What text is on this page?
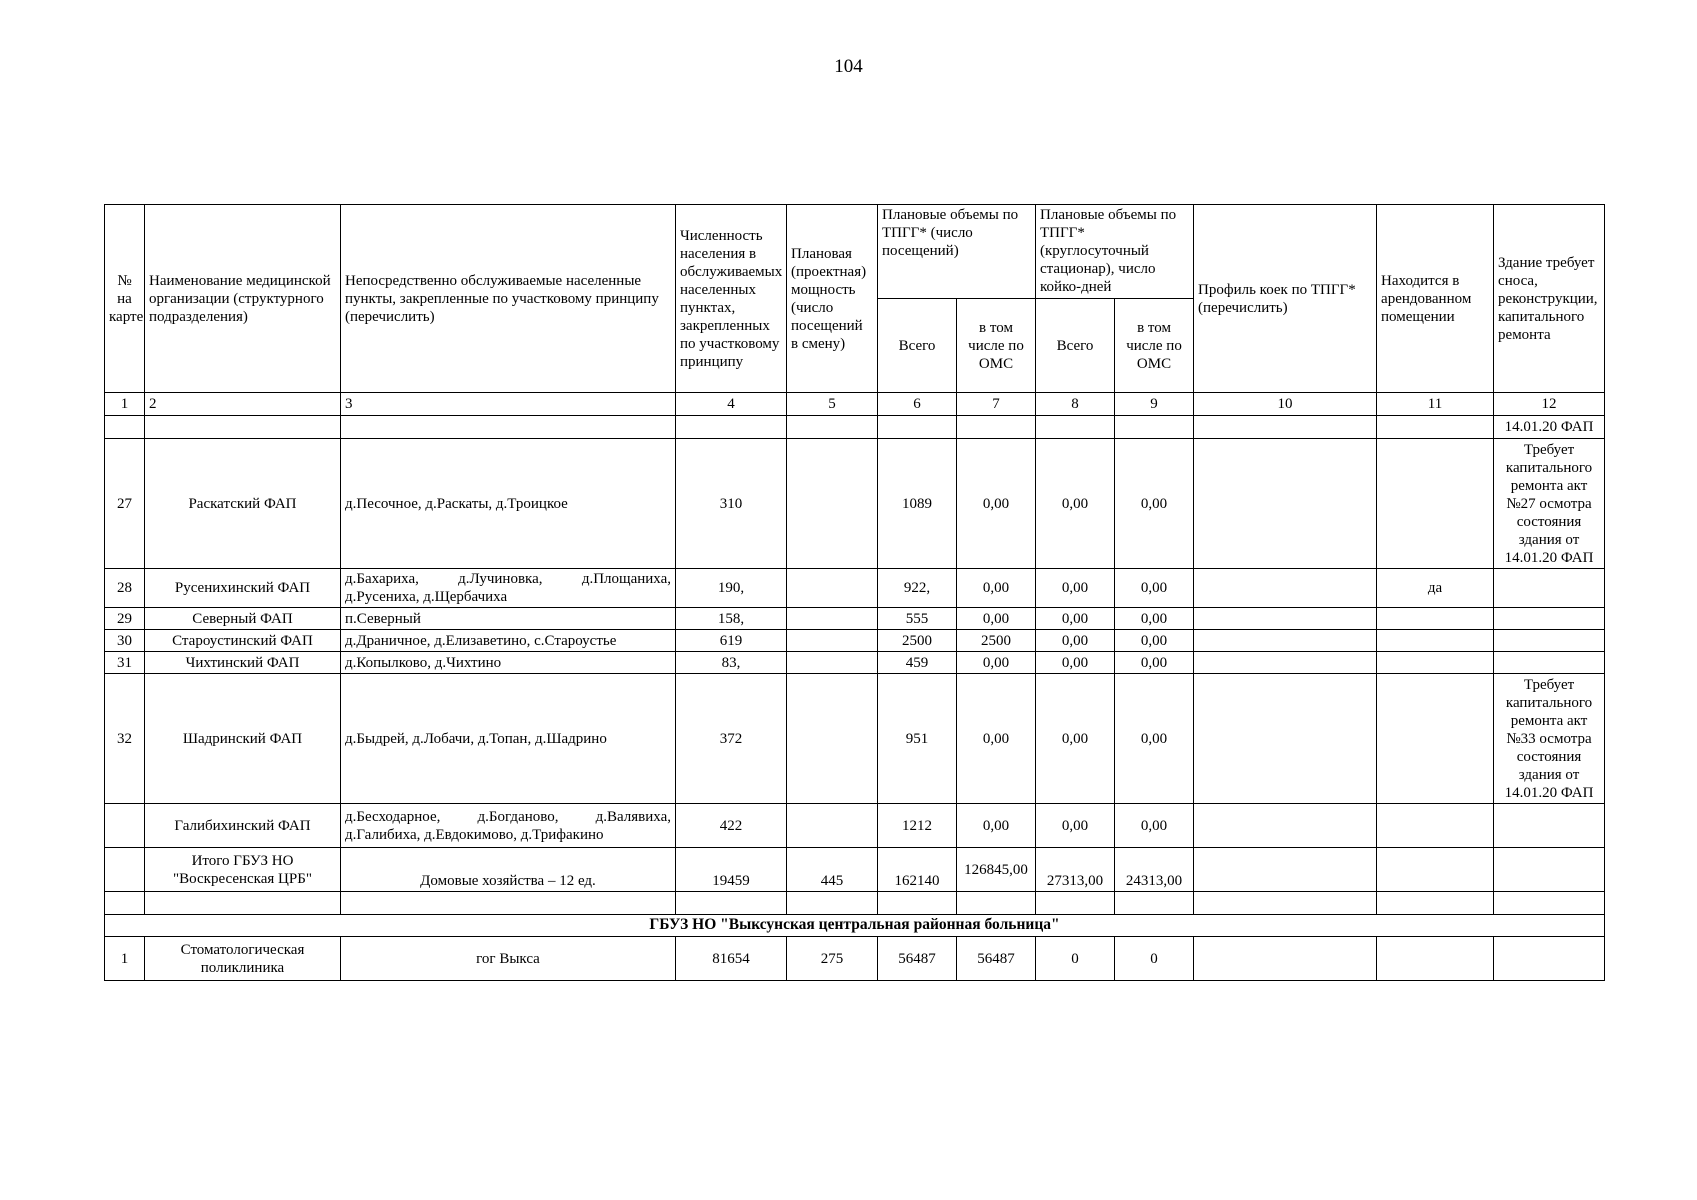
104
№ на карте	Наименование медицинской организации (структурного подразделения)	Непосредственно обслуживаемые населенные пункты, закрепленные по участковому принципу (перечислить)	Численность населения в обслуживаемых населенных пунктах, закрепленных по участковому принципу	Плановая (проектная) мощность (число посещений в смену)	Плановые объемы по ТПГГ* (число посещений)		Плановые объемы по ТПГГ* (круглосуточный стационар), число койко-дней		Профиль коек по ТПГГ* (перечислить)	Находится в арендованном помещении	Здание требует сноса, реконструкции, капитального ремонта
					Всего	в том числе по ОМС	Всего	в том числе по ОМС			
1	2	3	4	5	6	7	8	9	10	11	12
											14.01.20 ФАП
27	Раскатский ФАП	д.Песочное, д.Раскаты, д.Троицкое	310		1089	0,00	0,00	0,00			Требует капитального ремонта акт №27 осмотра состояния здания от 14.01.20 ФАП
28	Русенихинский ФАП	д.Бахариха, д.Лучиновка, д.Площаниха, д.Русениха, д.Щербачиха	190,		922,	0,00	0,00	0,00		да	
29	Северный ФАП	п.Северный	158,		555	0,00	0,00	0,00			
30	Староустинский ФАП	д.Драничное, д.Елизаветино, с.Староустье	619		2500	2500	0,00	0,00			
31	Чихтинский ФАП	д.Копылково, д.Чихтино	83,		459	0,00	0,00	0,00			
32	Шадринский ФАП	д.Быдрей, д.Лобачи, д.Топан, д.Шадрино	372		951	0,00	0,00	0,00			Требует капитального ремонта акт №33 осмотра состояния здания от 14.01.20 ФАП
	Галибихинский ФАП	д.Бесходарное, д.Богданово, д.Валявиха, д.Галибиха, д.Евдокимово, д.Трифакино	422		1212	0,00	0,00	0,00			
	Итого ГБУЗ НО "Воскресенская ЦРБ"	Домовые хозяйства – 12 ед.	19459	445	162140	126845,00	27313,00	24313,00			

ГБУЗ НО "Выксунская центральная районная больница"											
1	Стоматологическая поликлиника	гог Выкса	81654	275	56487	56487	0	0			
